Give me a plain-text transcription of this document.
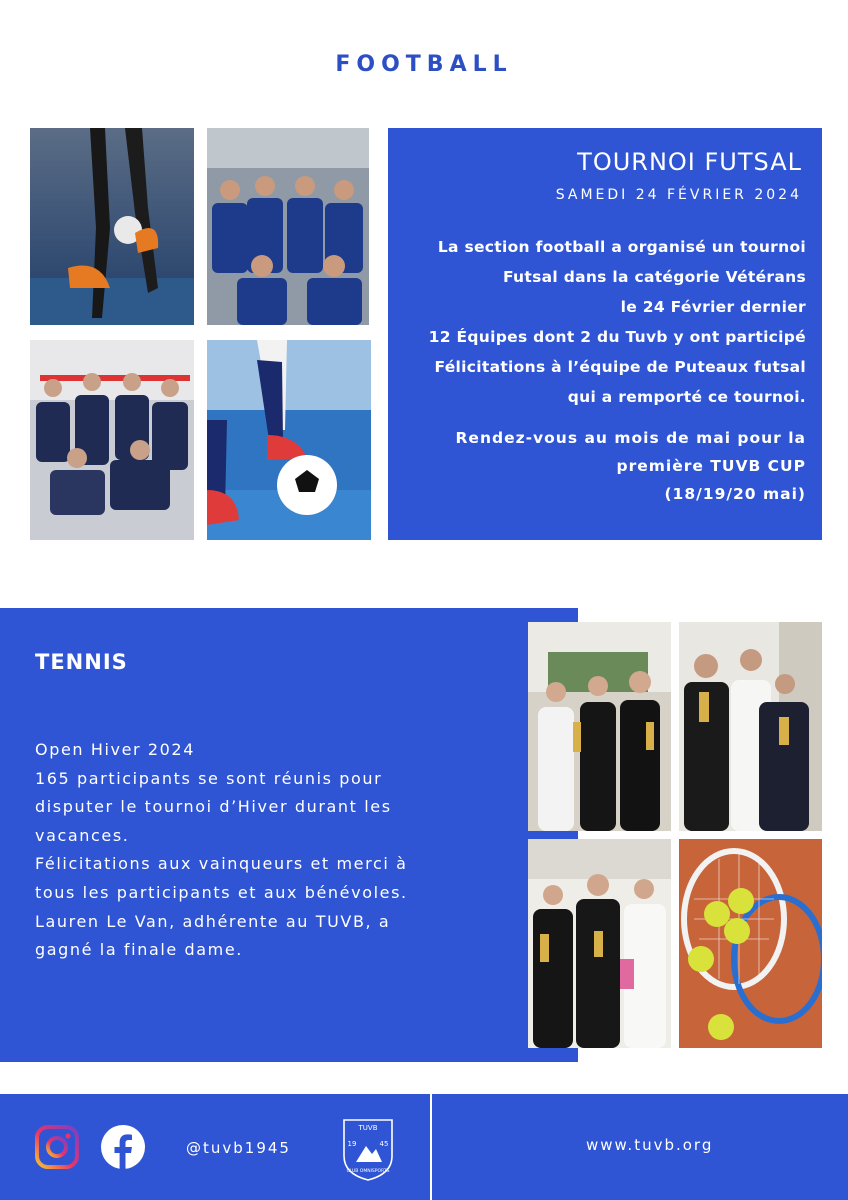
FOOTBALL
TOURNOI FUTSAL
SAMEDI 24 FÉVRIER 2024

La section football a organisé un tournoi

Futsal dans la catégorie Vétérans

le 24 Février dernier

12 Équipes dont 2 du Tuvb y ont participé

Félicitations à l’équipe de Puteaux futsal

qui a remporté ce tournoi.

Rendez-vous au mois de mai pour la

première TUVB CUP

(18/19/20 mai)

TENNIS

Open Hiver 2024

165 participants se sont réunis pour

disputer le tournoi d’Hiver durant les

vacances.

Félicitations aux vainqueurs et merci à

tous les participants et aux bénévoles.

Lauren Le Van, adhérente au TUVB, a

gagné la finale dame.

@tuvb1945
TUVB
19	45
CLUB OMNISPORTS
www.tuvb.org
